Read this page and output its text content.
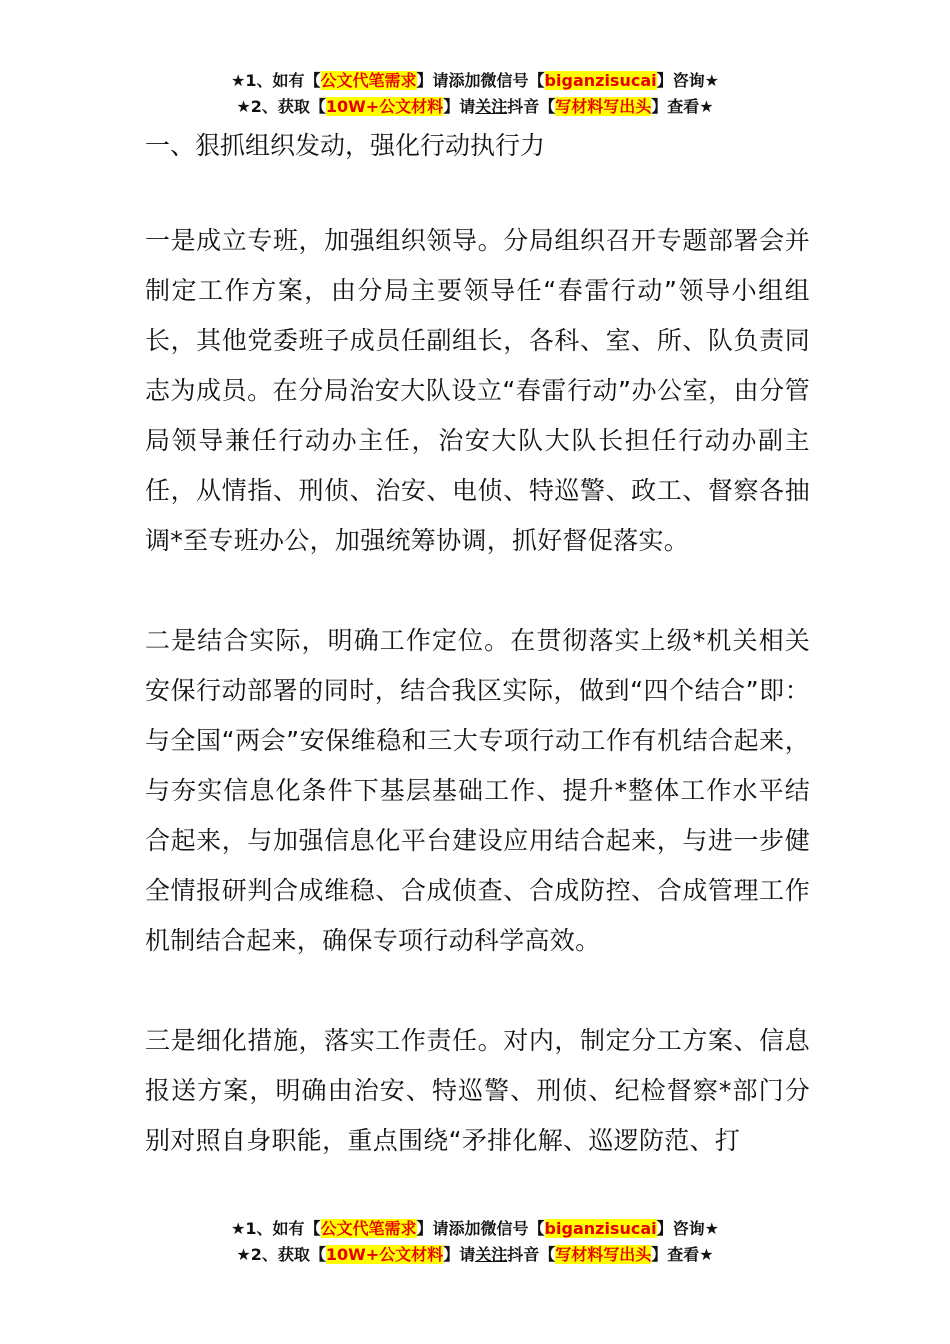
★1、如有【公文代笔需求】请添加微信号【biganzisucai】咨询★
★2、获取【10W+公文材料】请关注抖音【写材料写出头】查看★

一、狠抓组织发动，强化行动执行力

一是成立专班，加强组织领导。分局组织召开专题部署会并制定工作方案，由分局主要领导任“春雷行动”领导小组组长，其他党委班子成员任副组长，各科、室、所、队负责同志为成员。在分局治安大队设立“春雷行动”办公室，由分管局领导兼任行动办主任，治安大队大队长担任行动办副主任，从情指、刑侦、治安、电侦、特巡警、政工、督察各抽调*至专班办公，加强统筹协调，抓好督促落实。

二是结合实际，明确工作定位。在贯彻落实上级*机关相关安保行动部署的同时，结合我区实际，做到“四个结合”即：与全国“两会”安保维稳和三大专项行动工作有机结合起来，与夯实信息化条件下基层基础工作、提升*整体工作水平结合起来，与加强信息化平台建设应用结合起来，与进一步健全情报研判合成维稳、合成侦查、合成防控、合成管理工作机制结合起来，确保专项行动科学高效。

三是细化措施，落实工作责任。对内，制定分工方案、信息报送方案，明确由治安、特巡警、刑侦、纪检督察*部门分别对照自身职能，重点围绕“矛排化解、巡逻防范、打

★1、如有【公文代笔需求】请添加微信号【biganzisucai】咨询★
★2、获取【10W+公文材料】请关注抖音【写材料写出头】查看★
